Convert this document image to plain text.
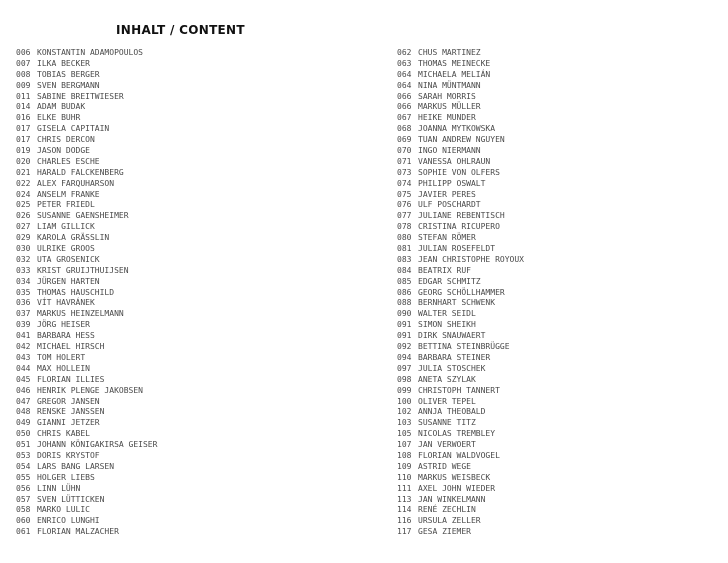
INHALT / CONTENT
006 KONSTANTIN ADAMOPOULOS
007 ILKA BECKER
008 TOBIAS BERGER
009 SVEN BERGMANN
011 SABINE BREITWIESER
014 ADAM BUDAK
016 ELKE BUHR
017 GISELA CAPITAIN
017 CHRIS DERCON
019 JASON DODGE
020 CHARLES ESCHE
021 HARALD FALCKENBERG
022 ALEX FARQUHARSON
024 ANSELM FRANKE
025 PETER FRIEDL
026 SUSANNE GAENSHEIMER
027 LIAM GILLICK
029 KAROLA GRÄSSLIN
030 ULRIKE GROOS
032 UTA GROSENICK
033 KRIST GRUIJTHUIJSEN
034 JÜRGEN HARTEN
035 THOMAS HAUSCHILD
036 VÍT HAVRÁNEK
037 MARKUS HEINZELMANN
039 JÖRG HEISER
041 BARBARA HESS
042 MICHAEL HIRSCH
043 TOM HOLERT
044 MAX HOLLEIN
045 FLORIAN ILLIES
046 HENRIK PLENGE JAKOBSEN
047 GREGOR JANSEN
048 RENSKE JANSSEN
049 GIANNI JETZER
050 CHRIS KABEL
051 JOHANN KÖNIGAKIRSA GEISER
053 DORIS KRYSTOF
054 LARS BANG LARSEN
055 HOLGER LIEBS
056 LINN LÜHN
057 SVEN LÜTTICKEN
058 MARKO LULIC
060 ENRICO LUNGHI
061 FLORIAN MALZACHER
062 CHUS MARTINEZ
063 THOMAS MEINECKE
064 MICHAELA MELIÁN
064 NINA MÜNTMANN
066 SARAH MORRIS
066 MARKUS MÜLLER
067 HEIKE MUNDER
068 JOANNA MYTKOWSKA
069 TUAN ANDREW NGUYEN
070 INGO NIERMANN
071 VANESSA OHLRAUN
073 SOPHIE VON OLFERS
074 PHILIPP OSWALT
075 JAVIER PERES
076 ULF POSCHARDT
077 JULIANE REBENTISCH
078 CRISTINA RICUPERO
080 STEFAN RÖMER
081 JULIAN ROSEFELDT
083 JEAN CHRISTOPHE ROYOUX
084 BEATRIX RUF
085 EDGAR SCHMITZ
086 GEORG SCHÖLLHAMMER
088 BERNHART SCHWENK
090 WALTER SEIDL
091 SIMON SHEIKH
091 DIRK SNAUWAERT
092 BETTINA STEINBRÜGGE
094 BARBARA STEINER
097 JULIA STOSCHEK
098 ANETA SZYLAK
099 CHRISTOPH TANNERT
100 OLIVER TEPEL
102 ANNJA THEOBALD
103 SUSANNE TITZ
105 NICOLAS TREMBLEY
107 JAN VERWOERT
108 FLORIAN WALDVOGEL
109 ASTRID WEGE
110 MARKUS WEISBECK
111 AXEL JOHN WIEDER
113 JAN WINKELMANN
114 RENÉ ZECHLIN
116 URSULA ZELLER
117 GESA ZIEMER
